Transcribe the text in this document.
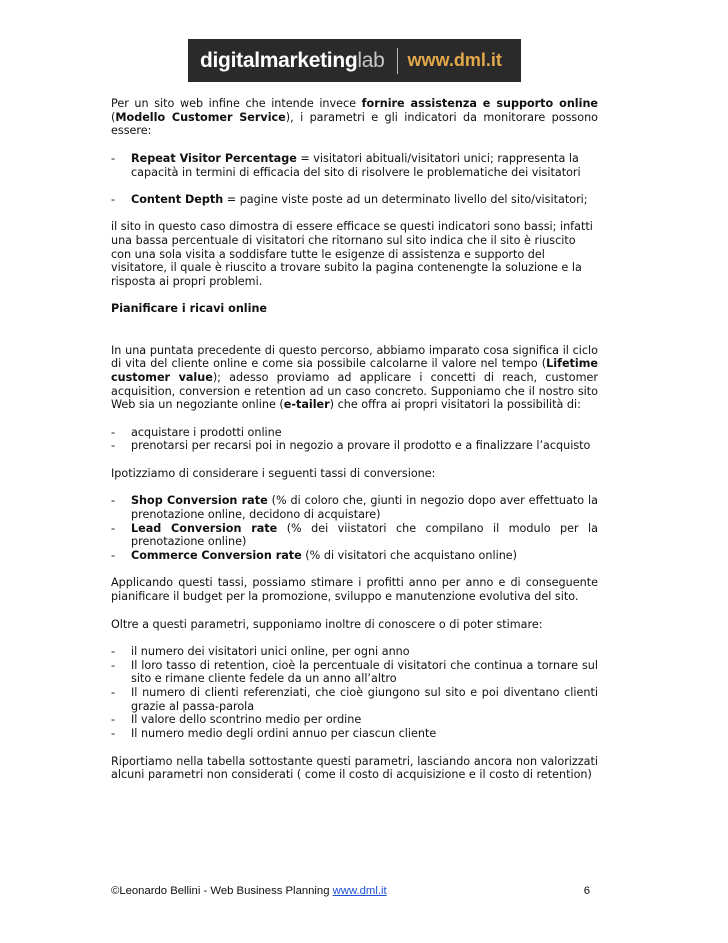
digitalmarketinglab www.dml.it

Per un sito web infine che intende invece fornire assistenza e supporto online (Modello Customer Service), i parametri e gli indicatori da monitorare possono essere:

-	Repeat Visitor Percentage = visitatori abituali/visitatori unici; rappresenta la capacità in termini di efficacia del sito di risolvere le problematiche dei visitatori
-	Content Depth = pagine viste poste ad un determinato livello del sito/visitatori;

il sito in questo caso dimostra di essere efficace se questi indicatori sono bassi; infatti una bassa percentuale di visitatori che ritornano sul sito indica che il sito è riuscito con una sola visita a soddisfare tutte le esigenze di assistenza e supporto del visitatore, il quale è riuscito a trovare subito la pagina contenengte la soluzione e la risposta ai propri problemi.

Pianificare i ricavi online

In una puntata precedente di questo percorso, abbiamo imparato cosa significa il ciclo di vita del cliente online e come sia possibile calcolarne il valore nel tempo (Lifetime customer value); adesso proviamo ad applicare i concetti di reach, customer acquisition, conversion e retention ad un caso concreto. Supponiamo che il nostro sito Web sia un negoziante online (e-tailer) che offra ai propri visitatori la possibilità di:

-	acquistare i prodotti online
-	prenotarsi per recarsi poi in negozio a provare il prodotto e a finalizzare l’acquisto

Ipotizziamo di considerare i seguenti tassi di conversione:

-	Shop Conversion rate (% di coloro che, giunti in negozio dopo aver effettuato la prenotazione online, decidono di acquistare)
-	Lead Conversion rate (% dei viistatori che compilano il modulo per la prenotazione online)
-	Commerce Conversion rate (% di visitatori che acquistano online)

Applicando questi tassi, possiamo stimare i profitti anno per anno e di conseguente pianificare il budget per la promozione, sviluppo e manutenzione evolutiva del sito.

Oltre a questi parametri, supponiamo inoltre di conoscere o di poter stimare:

-	il numero dei visitatori unici online, per ogni anno
-	Il loro tasso di retention, cioè la percentuale di visitatori che continua a tornare sul sito e rimane cliente fedele da un anno all’altro
-	Il numero di clienti referenziati, che cioè giungono sul sito e poi diventano clienti grazie al passa-parola
-	Il valore dello scontrino medio per ordine
-	Il numero medio degli ordini annuo per ciascun cliente

Riportiamo nella tabella sottostante questi parametri, lasciando ancora non valorizzati alcuni parametri non considerati ( come il costo di acquisizione e il costo di retention)

©Leonardo Bellini - Web Business Planning www.dml.it	6
